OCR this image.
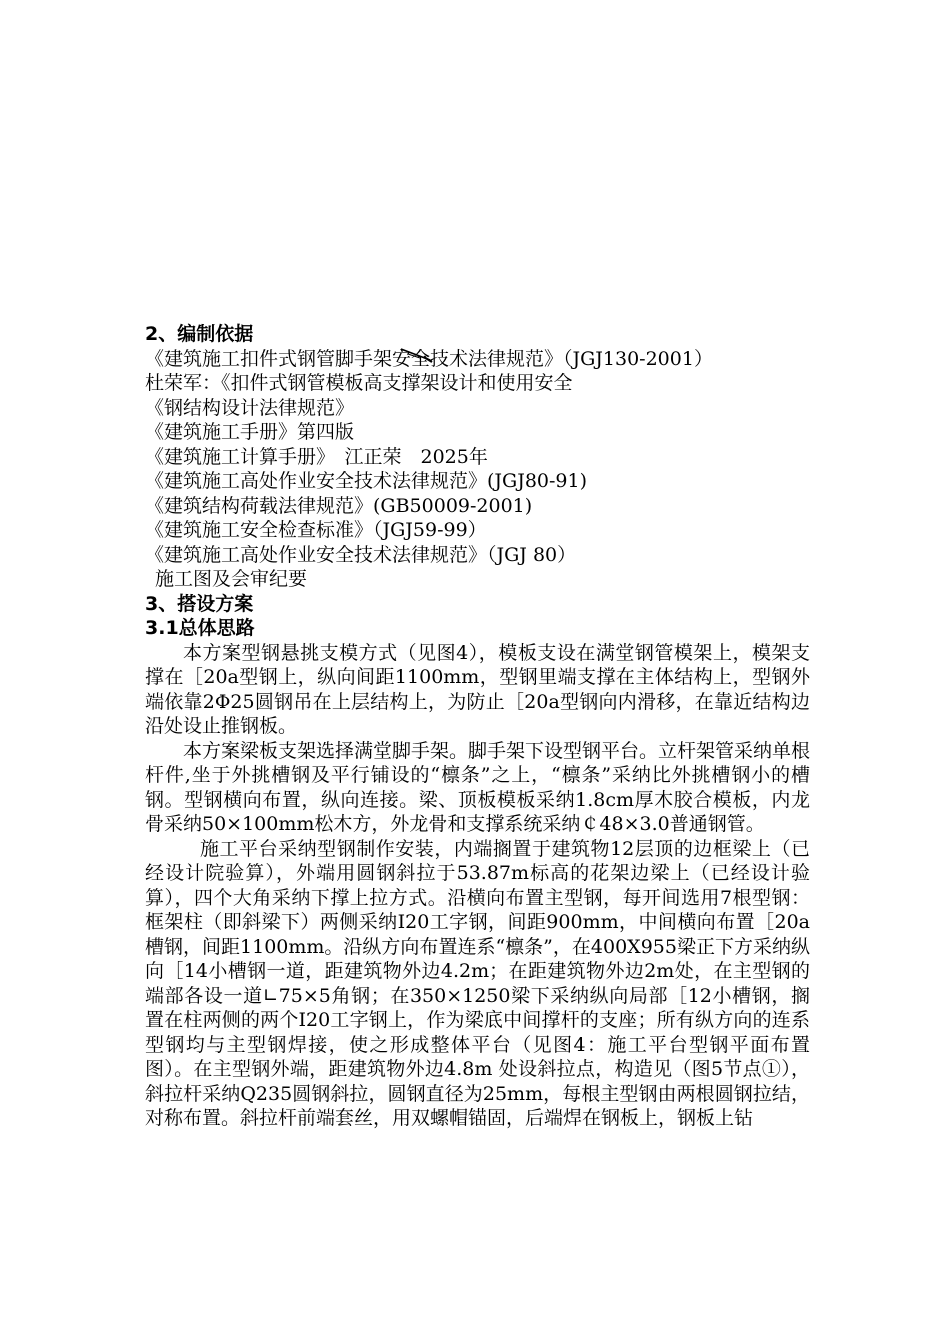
2、编制依据

《建筑施工扣件式钢管脚手架安全技术法律规范》（JGJ130-2001）

杜荣军：《扣件式钢管模板高支撑架设计和使用安全

《钢结构设计法律规范》

《建筑施工手册》第四版

《建筑施工计算手册》　江正荣　2025年

《建筑施工高处作业安全技术法律规范》(JGJ80-91)

《建筑结构荷载法律规范》(GB50009-2001)

《建筑施工安全检查标准》（JGJ59-99）

《建筑施工高处作业安全技术法律规范》（JGJ 80）

施工图及会审纪要

3、搭设方案
3.1总体思路

本方案型钢悬挑支模方式（见图4），模板支设在满堂钢管模架上，模架支撑在［20a型钢上，纵向间距1100mm，型钢里端支撑在主体结构上，型钢外端依靠2Φ25圆钢吊在上层结构上，为防止［20a型钢向内滑移，在靠近结构边沿处设止推钢板。

本方案梁板支架选择满堂脚手架。脚手架下设型钢平台。立杆架管采纳单根杆件,坐于外挑槽钢及平行铺设的“檩条”之上，“檩条”采纳比外挑槽钢小的槽钢。型钢横向布置，纵向连接。梁、顶板模板采纳1.8cm厚木胶合模板，内龙骨采纳50×100mm松木方，外龙骨和支撑系统采纳￠48×3.0普通钢管。

施工平台采纳型钢制作安装，内端搁置于建筑物12层顶的边框梁上（已经设计院验算），外端用圆钢斜拉于53.87m标高的花架边梁上（已经设计验算），四个大角采纳下撑上拉方式。沿横向布置主型钢，每开间选用7根型钢：框架柱（即斜梁下）两侧采纳I20工字钢，间距900mm，中间横向布置［20a槽钢，间距1100mm。沿纵方向布置连系“檩条”，在400X955梁正下方采纳纵向［14小槽钢一道，距建筑物外边4.2m；在距建筑物外边2m处，在主型钢的端部各设一道∟75×5角钢；在350×1250梁下采纳纵向局部［12小槽钢，搁置在柱两侧的两个I20工字钢上，作为梁底中间撑杆的支座；所有纵方向的连系型钢均与主型钢焊接，使之形成整体平台（见图4：施工平台型钢平面布置图）。在主型钢外端，距建筑物外边4.8m 处设斜拉点，构造见（图5节点①），斜拉杆采纳Q235圆钢斜拉，圆钢直径为25mm，每根主型钢由两根圆钢拉结，对称布置。斜拉杆前端套丝，用双螺帽锚固，后端焊在钢板上，钢板上钻
